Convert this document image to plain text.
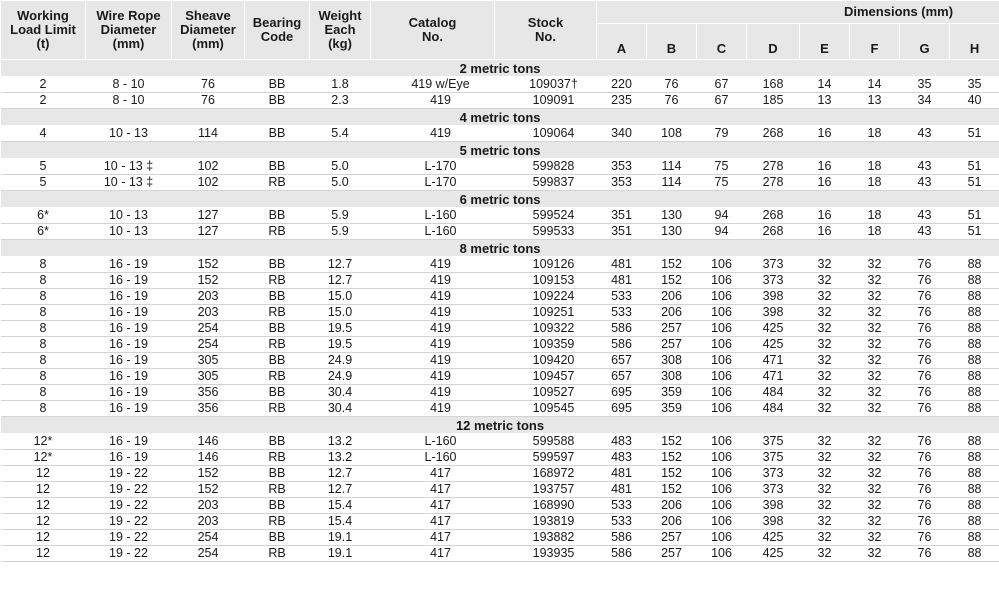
Working
Load Limit
(t)	Wire Rope
Diameter
(mm)	Sheave
Diameter
(mm)	Bearing
Code	Weight
Each
(kg)	Catalog
No.	Stock
No.	Dimensions (mm)							
							A	B	C	D	E	F	G	H
2 metric tons														
2	8 - 10	76	BB	1.8	419 w/Eye	109037†	220	76	67	168	14	14	35	35
2	8 - 10	76	BB	2.3	419	109091	235	76	67	185	13	13	34	40
4 metric tons														
4	10 - 13	114	BB	5.4	419	109064	340	108	79	268	16	18	43	51
5 metric tons														
5	10 - 13 ‡	102	BB	5.0	L-170	599828	353	114	75	278	16	18	43	51
5	10 - 13 ‡	102	RB	5.0	L-170	599837	353	114	75	278	16	18	43	51
6 metric tons														
6*	10 - 13	127	BB	5.9	L-160	599524	351	130	94	268	16	18	43	51
6*	10 - 13	127	RB	5.9	L-160	599533	351	130	94	268	16	18	43	51
8 metric tons														
8	16 - 19	152	BB	12.7	419	109126	481	152	106	373	32	32	76	88
8	16 - 19	152	RB	12.7	419	109153	481	152	106	373	32	32	76	88
8	16 - 19	203	BB	15.0	419	109224	533	206	106	398	32	32	76	88
8	16 - 19	203	RB	15.0	419	109251	533	206	106	398	32	32	76	88
8	16 - 19	254	BB	19.5	419	109322	586	257	106	425	32	32	76	88
8	16 - 19	254	RB	19.5	419	109359	586	257	106	425	32	32	76	88
8	16 - 19	305	BB	24.9	419	109420	657	308	106	471	32	32	76	88
8	16 - 19	305	RB	24.9	419	109457	657	308	106	471	32	32	76	88
8	16 - 19	356	BB	30.4	419	109527	695	359	106	484	32	32	76	88
8	16 - 19	356	RB	30.4	419	109545	695	359	106	484	32	32	76	88
12 metric tons														
12*	16 - 19	146	BB	13.2	L-160	599588	483	152	106	375	32	32	76	88
12*	16 - 19	146	RB	13.2	L-160	599597	483	152	106	375	32	32	76	88
12	19 - 22	152	BB	12.7	417	168972	481	152	106	373	32	32	76	88
12	19 - 22	152	RB	12.7	417	193757	481	152	106	373	32	32	76	88
12	19 - 22	203	BB	15.4	417	168990	533	206	106	398	32	32	76	88
12	19 - 22	203	RB	15.4	417	193819	533	206	106	398	32	32	76	88
12	19 - 22	254	BB	19.1	417	193882	586	257	106	425	32	32	76	88
12	19 - 22	254	RB	19.1	417	193935	586	257	106	425	32	32	76	88
